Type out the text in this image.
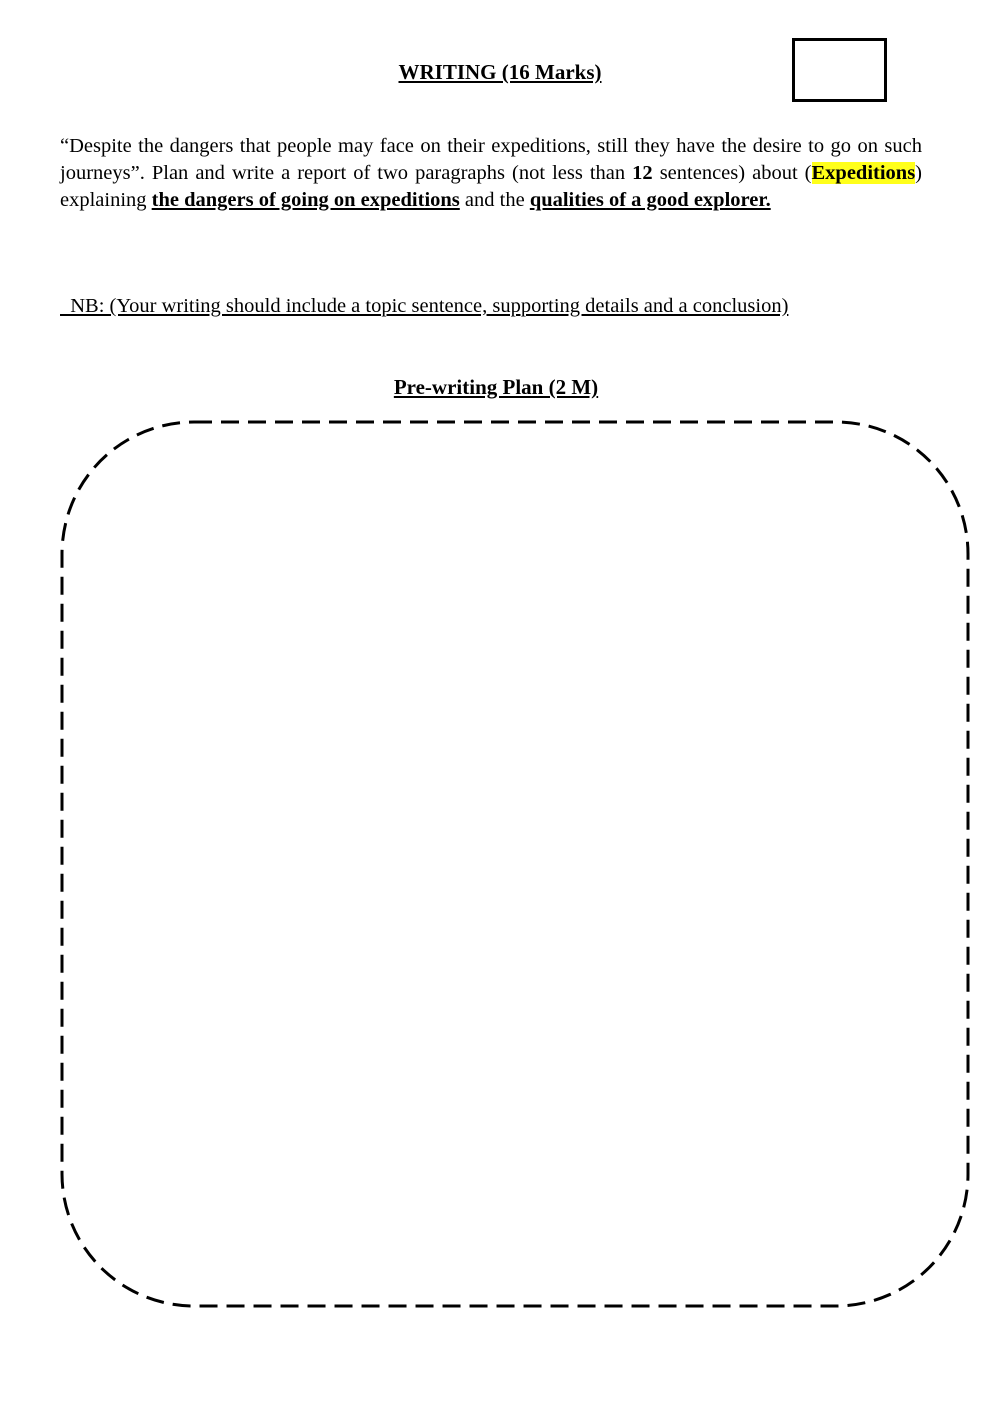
WRITING (16 Marks)
“Despite the dangers that people may face on their expeditions, still they have the desire to go on such journeys”. Plan and write a report of two paragraphs (not less than 12 sentences) about (Expeditions) explaining the dangers of going on expeditions and the qualities of a good explorer.
NB: (Your writing should include a topic sentence, supporting details and a conclusion)
Pre-writing Plan (2 M)
